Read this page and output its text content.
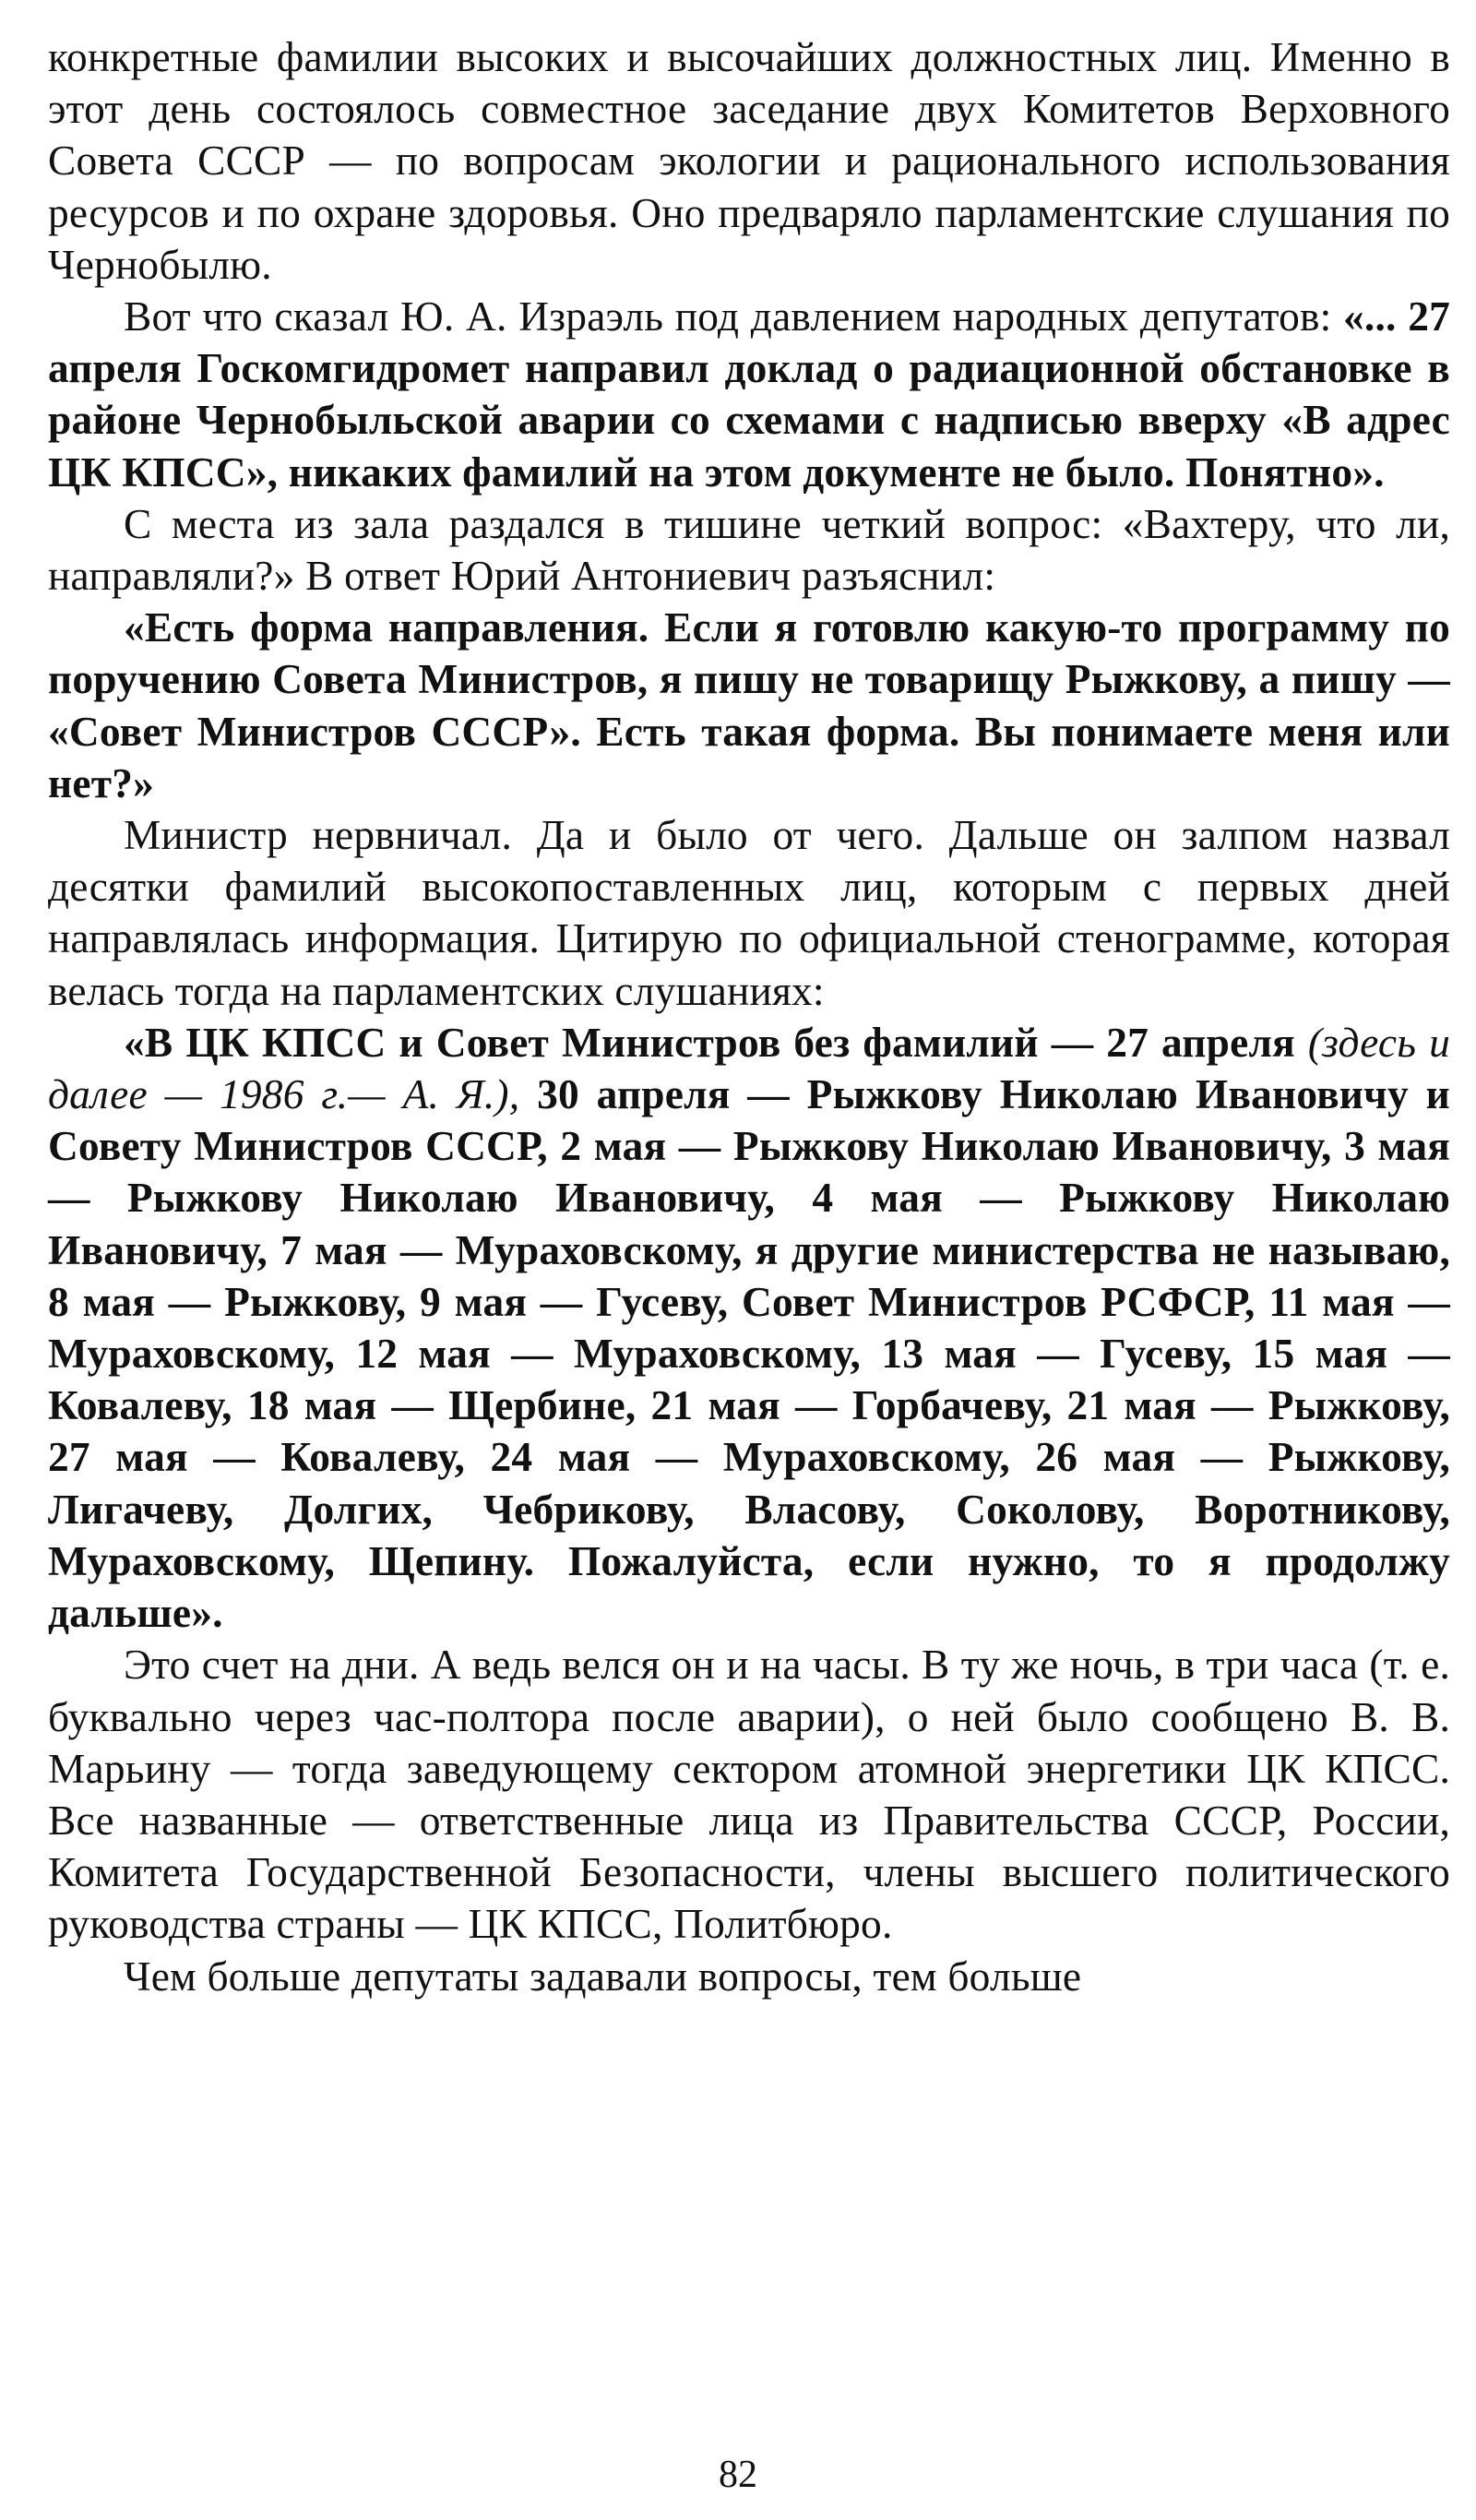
конкретные фамилии высоких и высочайших должностных лиц. Именно в этот день состоялось совместное заседание двух Комитетов Верховного Совета СССР — по вопросам экологии и рационального использования ресурсов и по охране здоровья. Оно предваряло парламентские слушания по Чернобылю.

Вот что сказал Ю. А. Израэль под давлением народных депутатов: «... 27 апреля Госкомгидромет направил доклад о радиационной обстановке в районе Чернобыльской аварии со схемами с надписью вверху «В адрес ЦК КПСС», никаких фамилий на этом документе не было. Понятно».

С места из зала раздался в тишине четкий вопрос: «Вахтеру, что ли, направляли?» В ответ Юрий Антониевич разъяснил:

«Есть форма направления. Если я готовлю какую-то программу по поручению Совета Министров, я пишу не товарищу Рыжкову, а пишу — «Совет Министров СССР». Есть такая форма. Вы понимаете меня или нет?»

Министр нервничал. Да и было от чего. Дальше он залпом назвал десятки фамилий высокопоставленных лиц, которым с первых дней направлялась информация. Цитирую по официальной стенограмме, которая велась тогда на парламентских слушаниях:

«В ЦК КПСС и Совет Министров без фамилий — 27 апреля (здесь и далее — 1986 г.— А. Я.), 30 апреля — Рыжкову Николаю Ивановичу и Совету Министров СССР, 2 мая — Рыжкову Николаю Ивановичу, 3 мая — Рыжкову Николаю Ивановичу, 4 мая — Рыжкову Николаю Ивановичу, 7 мая — Мураховскому, я другие министерства не называю, 8 мая — Рыжкову, 9 мая — Гусеву, Совет Министров РСФСР, 11 мая — Мураховскому, 12 мая — Мураховскому, 13 мая — Гусеву, 15 мая — Ковалеву, 18 мая — Щербине, 21 мая — Горбачеву, 21 мая — Рыжкову, 27 мая — Ковалеву, 24 мая — Мураховскому, 26 мая — Рыжкову, Лигачеву, Долгих, Чебрикову, Власову, Соколову, Воротникову, Мураховскому, Щепину. Пожалуйста, если нужно, то я продолжу дальше».

Это счет на дни. А ведь велся он и на часы. В ту же ночь, в три часа (т. е. буквально через час-полтора после аварии), о ней было сообщено В. В. Марьину — тогда заведующему сектором атомной энергетики ЦК КПСС. Все названные — ответственные лица из Правительства СССР, России, Комитета Государственной Безопасности, члены высшего политического руководства страны — ЦК КПСС, Политбюро.

Чем больше депутаты задавали вопросы, тем больше

82
